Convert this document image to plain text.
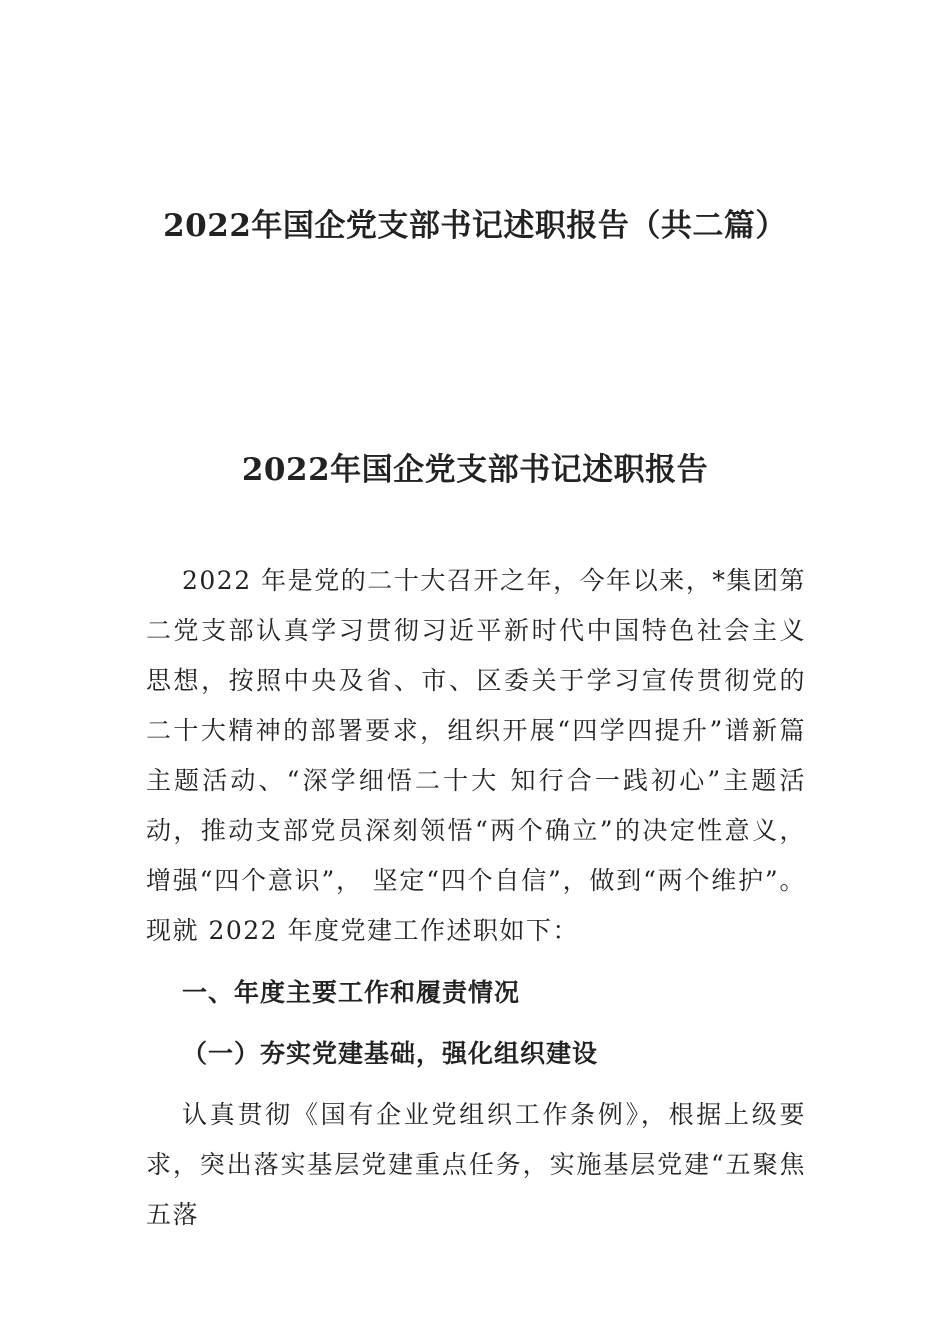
2022年国企党支部书记述职报告（共二篇）
2022年国企党支部书记述职报告

2022 年是党的二十大召开之年，今年以来，*集团第二党支部认真学习贯彻习近平新时代中国特色社会主义思想，按照中央及省、市、区委关于学习宣传贯彻党的二十大精神的部署要求，组织开展“四学四提升”谱新篇主题活动、“深学细悟二十大 知行合一践初心”主题活动，推动支部党员深刻领悟“两个确立”的决定性意义，增强“四个意识”， 坚定“四个自信”，做到“两个维护”。现就 2022 年度党建工作述职如下：

一、年度主要工作和履责情况
（一）夯实党建基础，强化组织建设

认真贯彻《国有企业党组织工作条例》，根据上级要求，突出落实基层党建重点任务，实施基层党建“五聚焦五落
